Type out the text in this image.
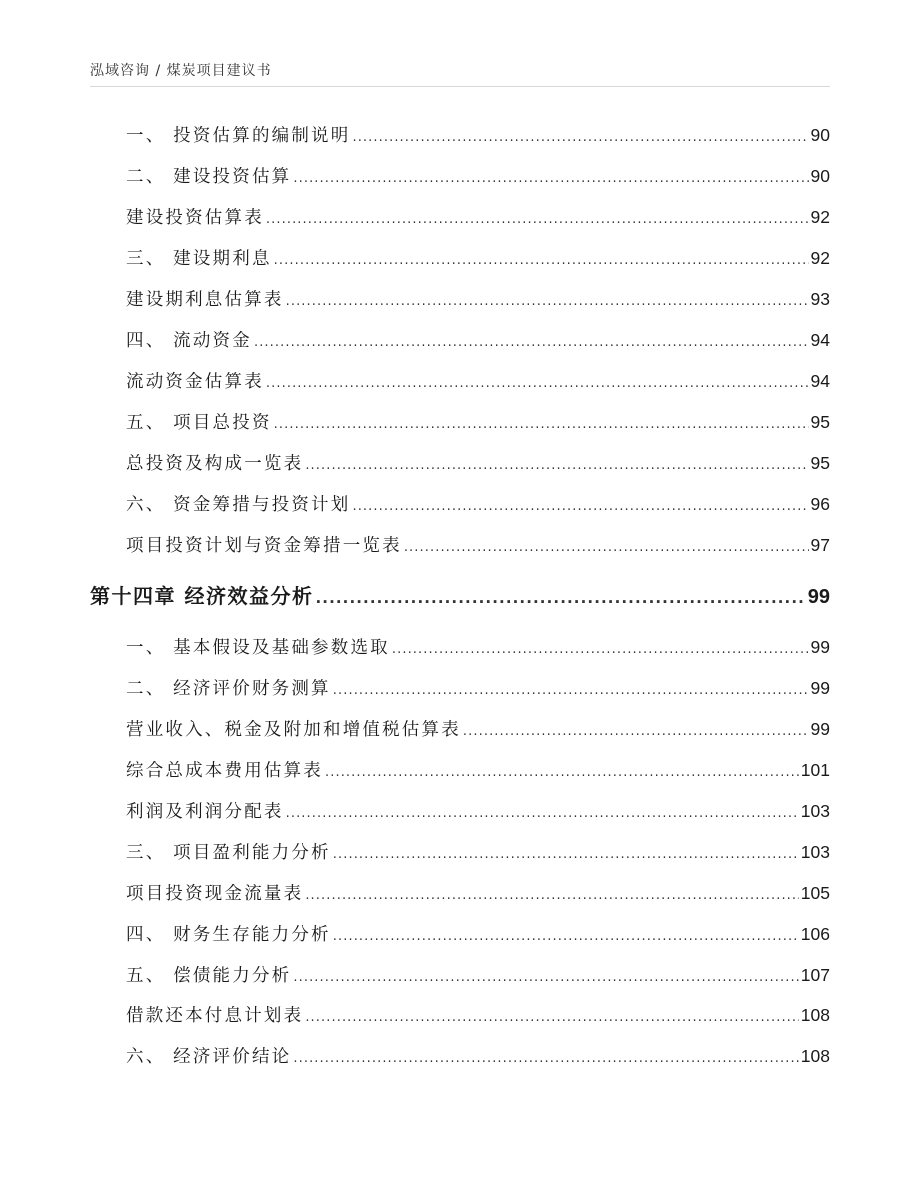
泓域咨询 / 煤炭项目建议书
一、 投资估算的编制说明 .....	90
二、 建设投资估算 .....	90
建设投资估算表 .....	92
三、 建设期利息 .....	92
建设期利息估算表 .....	93
四、 流动资金 .....	94
流动资金估算表 .....	94
五、 项目总投资 .....	95
总投资及构成一览表 .....	95
六、 资金筹措与投资计划 .....	96
项目投资计划与资金筹措一览表 .....	97
第十四章 经济效益分析 .....	99
一、 基本假设及基础参数选取 .....	99
二、 经济评价财务测算 .....	99
营业收入、税金及附加和增值税估算表 .....	99
综合总成本费用估算表 .....	101
利润及利润分配表 .....	103
三、 项目盈利能力分析 .....	103
项目投资现金流量表 .....	105
四、 财务生存能力分析 .....	106
五、 偿债能力分析 .....	107
借款还本付息计划表 .....	108
六、 经济评价结论 .....	108
